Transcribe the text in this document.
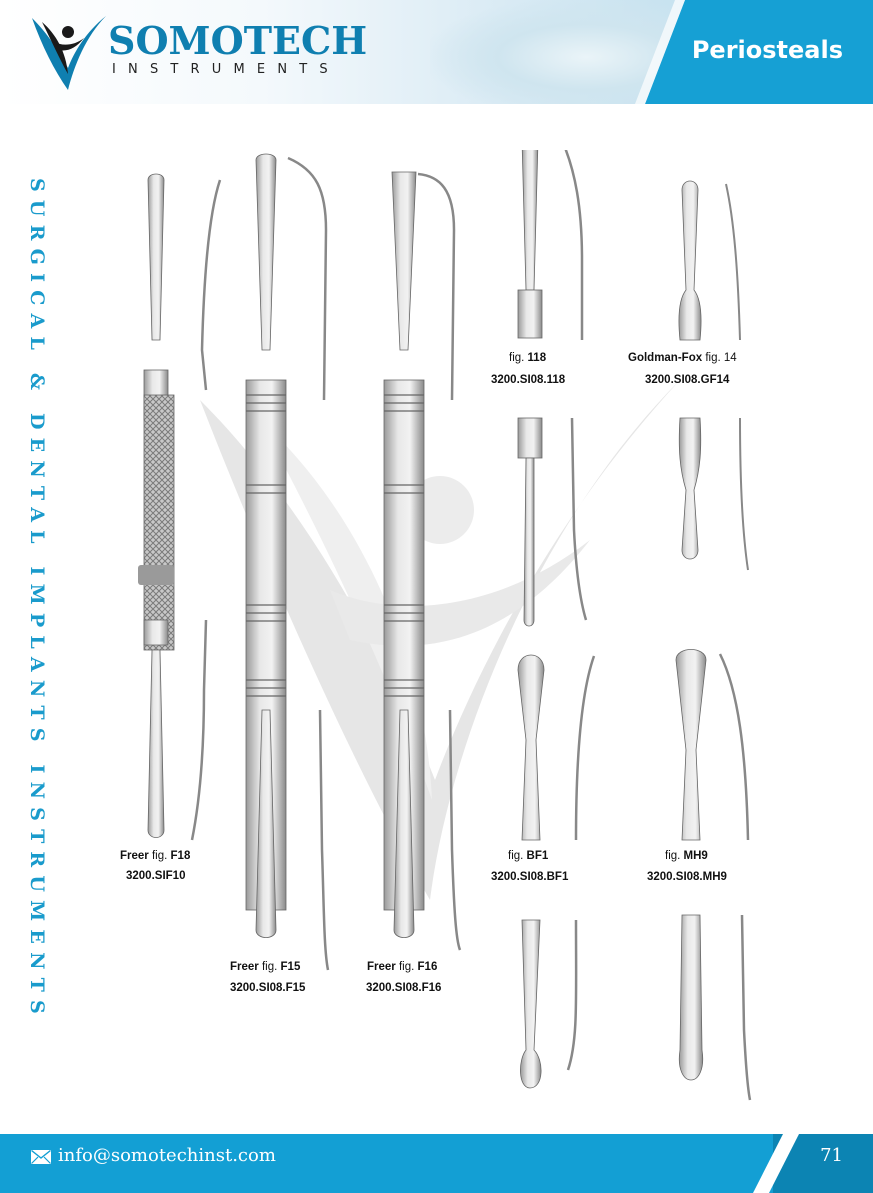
Periosteals
SOMOTECH
INSTRUMENTS
SURGICAL & DENTAL IMPLANTS INSTRUMENTS	Freer fig. F18
3200.SIF10
Freer fig. F15
3200.SI08.F15
Freer fig. F16
3200.SI08.F16
fig. 118
3200.SI08.118
Goldman-Fox fig. 14
3200.SI08.GF14
fig. BF1
3200.SI08.BF1
fig. MH9
3200.SI08.MH9
info@somotechinst.com	71
